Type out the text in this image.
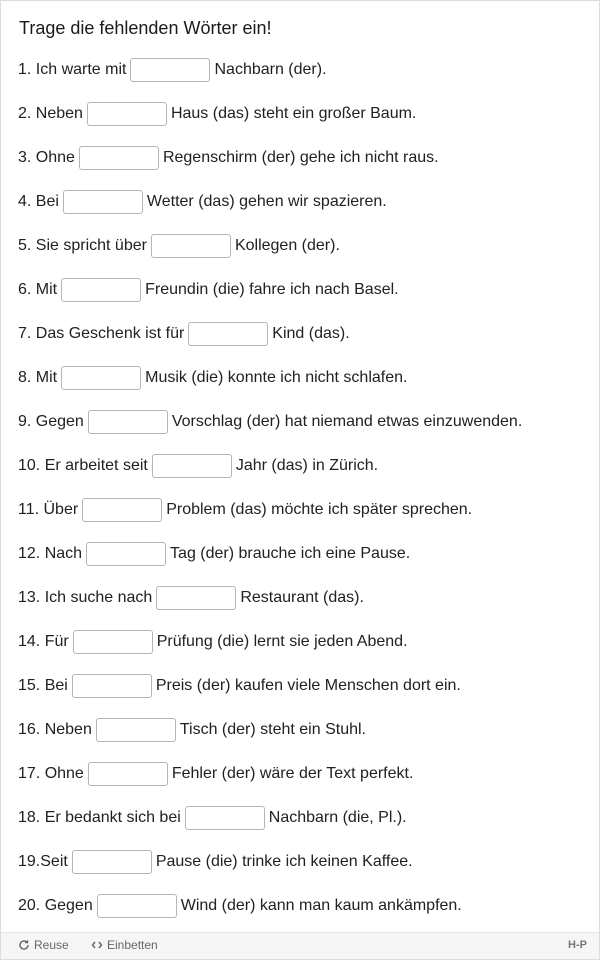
Trage die fehlenden Wörter ein!
1. Ich warte mit	Nachbarn (der).
2. Neben	Haus (das) steht ein großer Baum.
3. Ohne	Regenschirm (der) gehe ich nicht raus.
4. Bei	Wetter (das) gehen wir spazieren.
5. Sie spricht über	Kollegen (der).
6. Mit	Freundin (die) fahre ich nach Basel.
7. Das Geschenk ist für	Kind (das).
8. Mit	Musik (die) konnte ich nicht schlafen.
9. Gegen	Vorschlag (der) hat niemand etwas einzuwenden.
10. Er arbeitet seit	Jahr (das) in Zürich.
11. Über	Problem (das) möchte ich später sprechen.
12. Nach	Tag (der) brauche ich eine Pause.
13. Ich suche nach	Restaurant (das).
14. Für	Prüfung (die) lernt sie jeden Abend.
15. Bei	Preis (der) kaufen viele Menschen dort ein.
16. Neben	Tisch (der) steht ein Stuhl.
17. Ohne	Fehler (der) wäre der Text perfekt.
18. Er bedankt sich bei	Nachbarn (die, Pl.).
19.Seit	Pause (die) trinke ich keinen Kaffee.
20. Gegen	Wind (der) kann man kaum ankämpfen.
Reuse	Einbetten	H-P
